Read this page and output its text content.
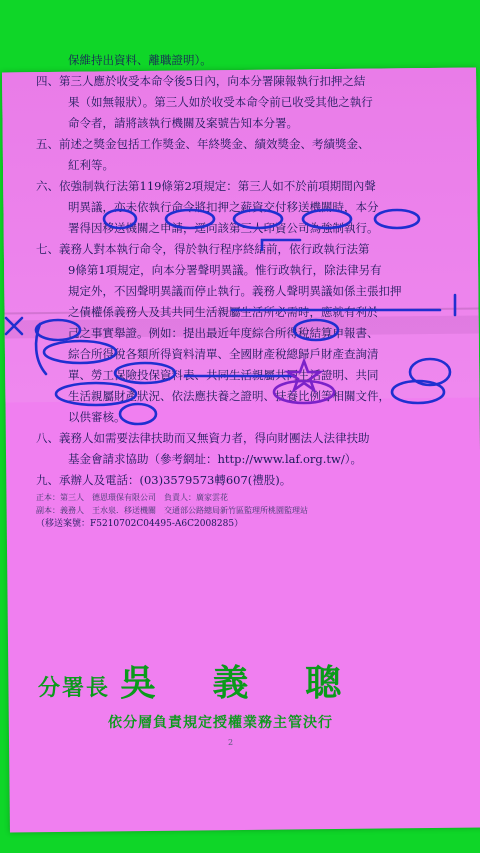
保維持出資料、離職證明）。
四、第三人應於收受本命令後5日內，向本分署陳報執行扣押之結
果（如無報狀）。第三人如於收受本命令前已收受其他之執行
命令者，請將該執行機關及案號告知本分署。
五、前述之獎金包括工作獎金、年終獎金、績效獎金、考績獎金、
紅利等。
六、依強制執行法第119條第2項規定：第三人如不於前項期間內聲
明異議，亦未依執行命令將扣押之薪資交付移送機關時，本分
署得因移送機關之申請，逕向該第三人印資公司為強制執行。
七、義務人對本執行命令，得於執行程序終結前，依行政執行法第
9條第1項規定，向本分署聲明異議。惟行政執行，除法律另有
規定外，不因聲明異議而停止執行。義務人聲明異議如係主張扣押
之債權係義務人及其共同生活親屬生活所必需時，應就有利於
己之事實舉證。例如：提出最近年度綜合所得稅結算申報書、
綜合所得稅各類所得資料清單、全國財產稅總歸戶財產查詢清
單、勞工保險投保資料表、共同生活親屬共同生活證明、共同
生活親屬財產狀況、依法應扶養之證明、扶養比例等相關文件，
以供審核。
八、義務人如需要法律扶助而又無資力者，得向財團法人法律扶助
基金會請求協助（參考網址：http://www.laf.org.tw/）。
九、承辦人及電話：(03)3579573轉607(禮股)。
正本：第三人　德恩環保有限公司　負責人：廣家雲花
副本：義務人　王水泉．移送機關　交通部公路總局新竹區監理所桃園監理站
（移送案號：F5210702C04495-A6C2008285）
分署長 吳 義 聰
依分層負責規定授權業務主管決行
2
